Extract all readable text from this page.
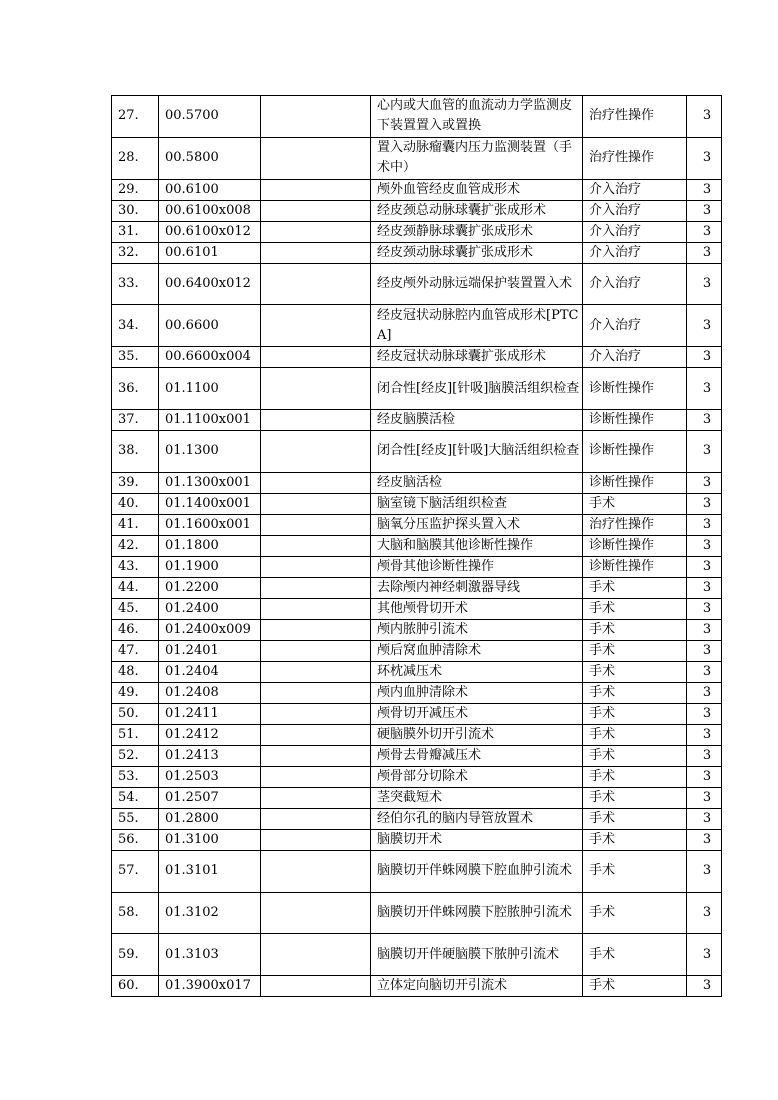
27.	00.5700		心内或大血管的血流动力学监测皮下装置置入或置换	治疗性操作	3
28.	00.5800		置入动脉瘤囊内压力监测装置（手术中）	治疗性操作	3
29.	00.6100		颅外血管经皮血管成形术	介入治疗	3
30.	00.6100x008		经皮颈总动脉球囊扩张成形术	介入治疗	3
31.	00.6100x012		经皮颈静脉球囊扩张成形术	介入治疗	3
32.	00.6101		经皮颈动脉球囊扩张成形术	介入治疗	3
33.	00.6400x012		经皮颅外动脉远端保护装置置入术	介入治疗	3
34.	00.6600		经皮冠状动脉腔内血管成形术[PTCA]	介入治疗	3
35.	00.6600x004		经皮冠状动脉球囊扩张成形术	介入治疗	3
36.	01.1100		闭合性[经皮][针吸]脑膜活组织检查	诊断性操作	3
37.	01.1100x001		经皮脑膜活检	诊断性操作	3
38.	01.1300		闭合性[经皮][针吸]大脑活组织检查	诊断性操作	3
39.	01.1300x001		经皮脑活检	诊断性操作	3
40.	01.1400x001		脑室镜下脑活组织检查	手术	3
41.	01.1600x001		脑氧分压监护探头置入术	治疗性操作	3
42.	01.1800		大脑和脑膜其他诊断性操作	诊断性操作	3
43.	01.1900		颅骨其他诊断性操作	诊断性操作	3
44.	01.2200		去除颅内神经刺激器导线	手术	3
45.	01.2400		其他颅骨切开术	手术	3
46.	01.2400x009		颅内脓肿引流术	手术	3
47.	01.2401		颅后窝血肿清除术	手术	3
48.	01.2404		环枕减压术	手术	3
49.	01.2408		颅内血肿清除术	手术	3
50.	01.2411		颅骨切开减压术	手术	3
51.	01.2412		硬脑膜外切开引流术	手术	3
52.	01.2413		颅骨去骨瓣减压术	手术	3
53.	01.2503		颅骨部分切除术	手术	3
54.	01.2507		茎突截短术	手术	3
55.	01.2800		经伯尔孔的脑内导管放置术	手术	3
56.	01.3100		脑膜切开术	手术	3
57.	01.3101		脑膜切开伴蛛网膜下腔血肿引流术	手术	3
58.	01.3102		脑膜切开伴蛛网膜下腔脓肿引流术	手术	3
59.	01.3103		脑膜切开伴硬脑膜下脓肿引流术	手术	3
60.	01.3900x017		立体定向脑切开引流术	手术	3
